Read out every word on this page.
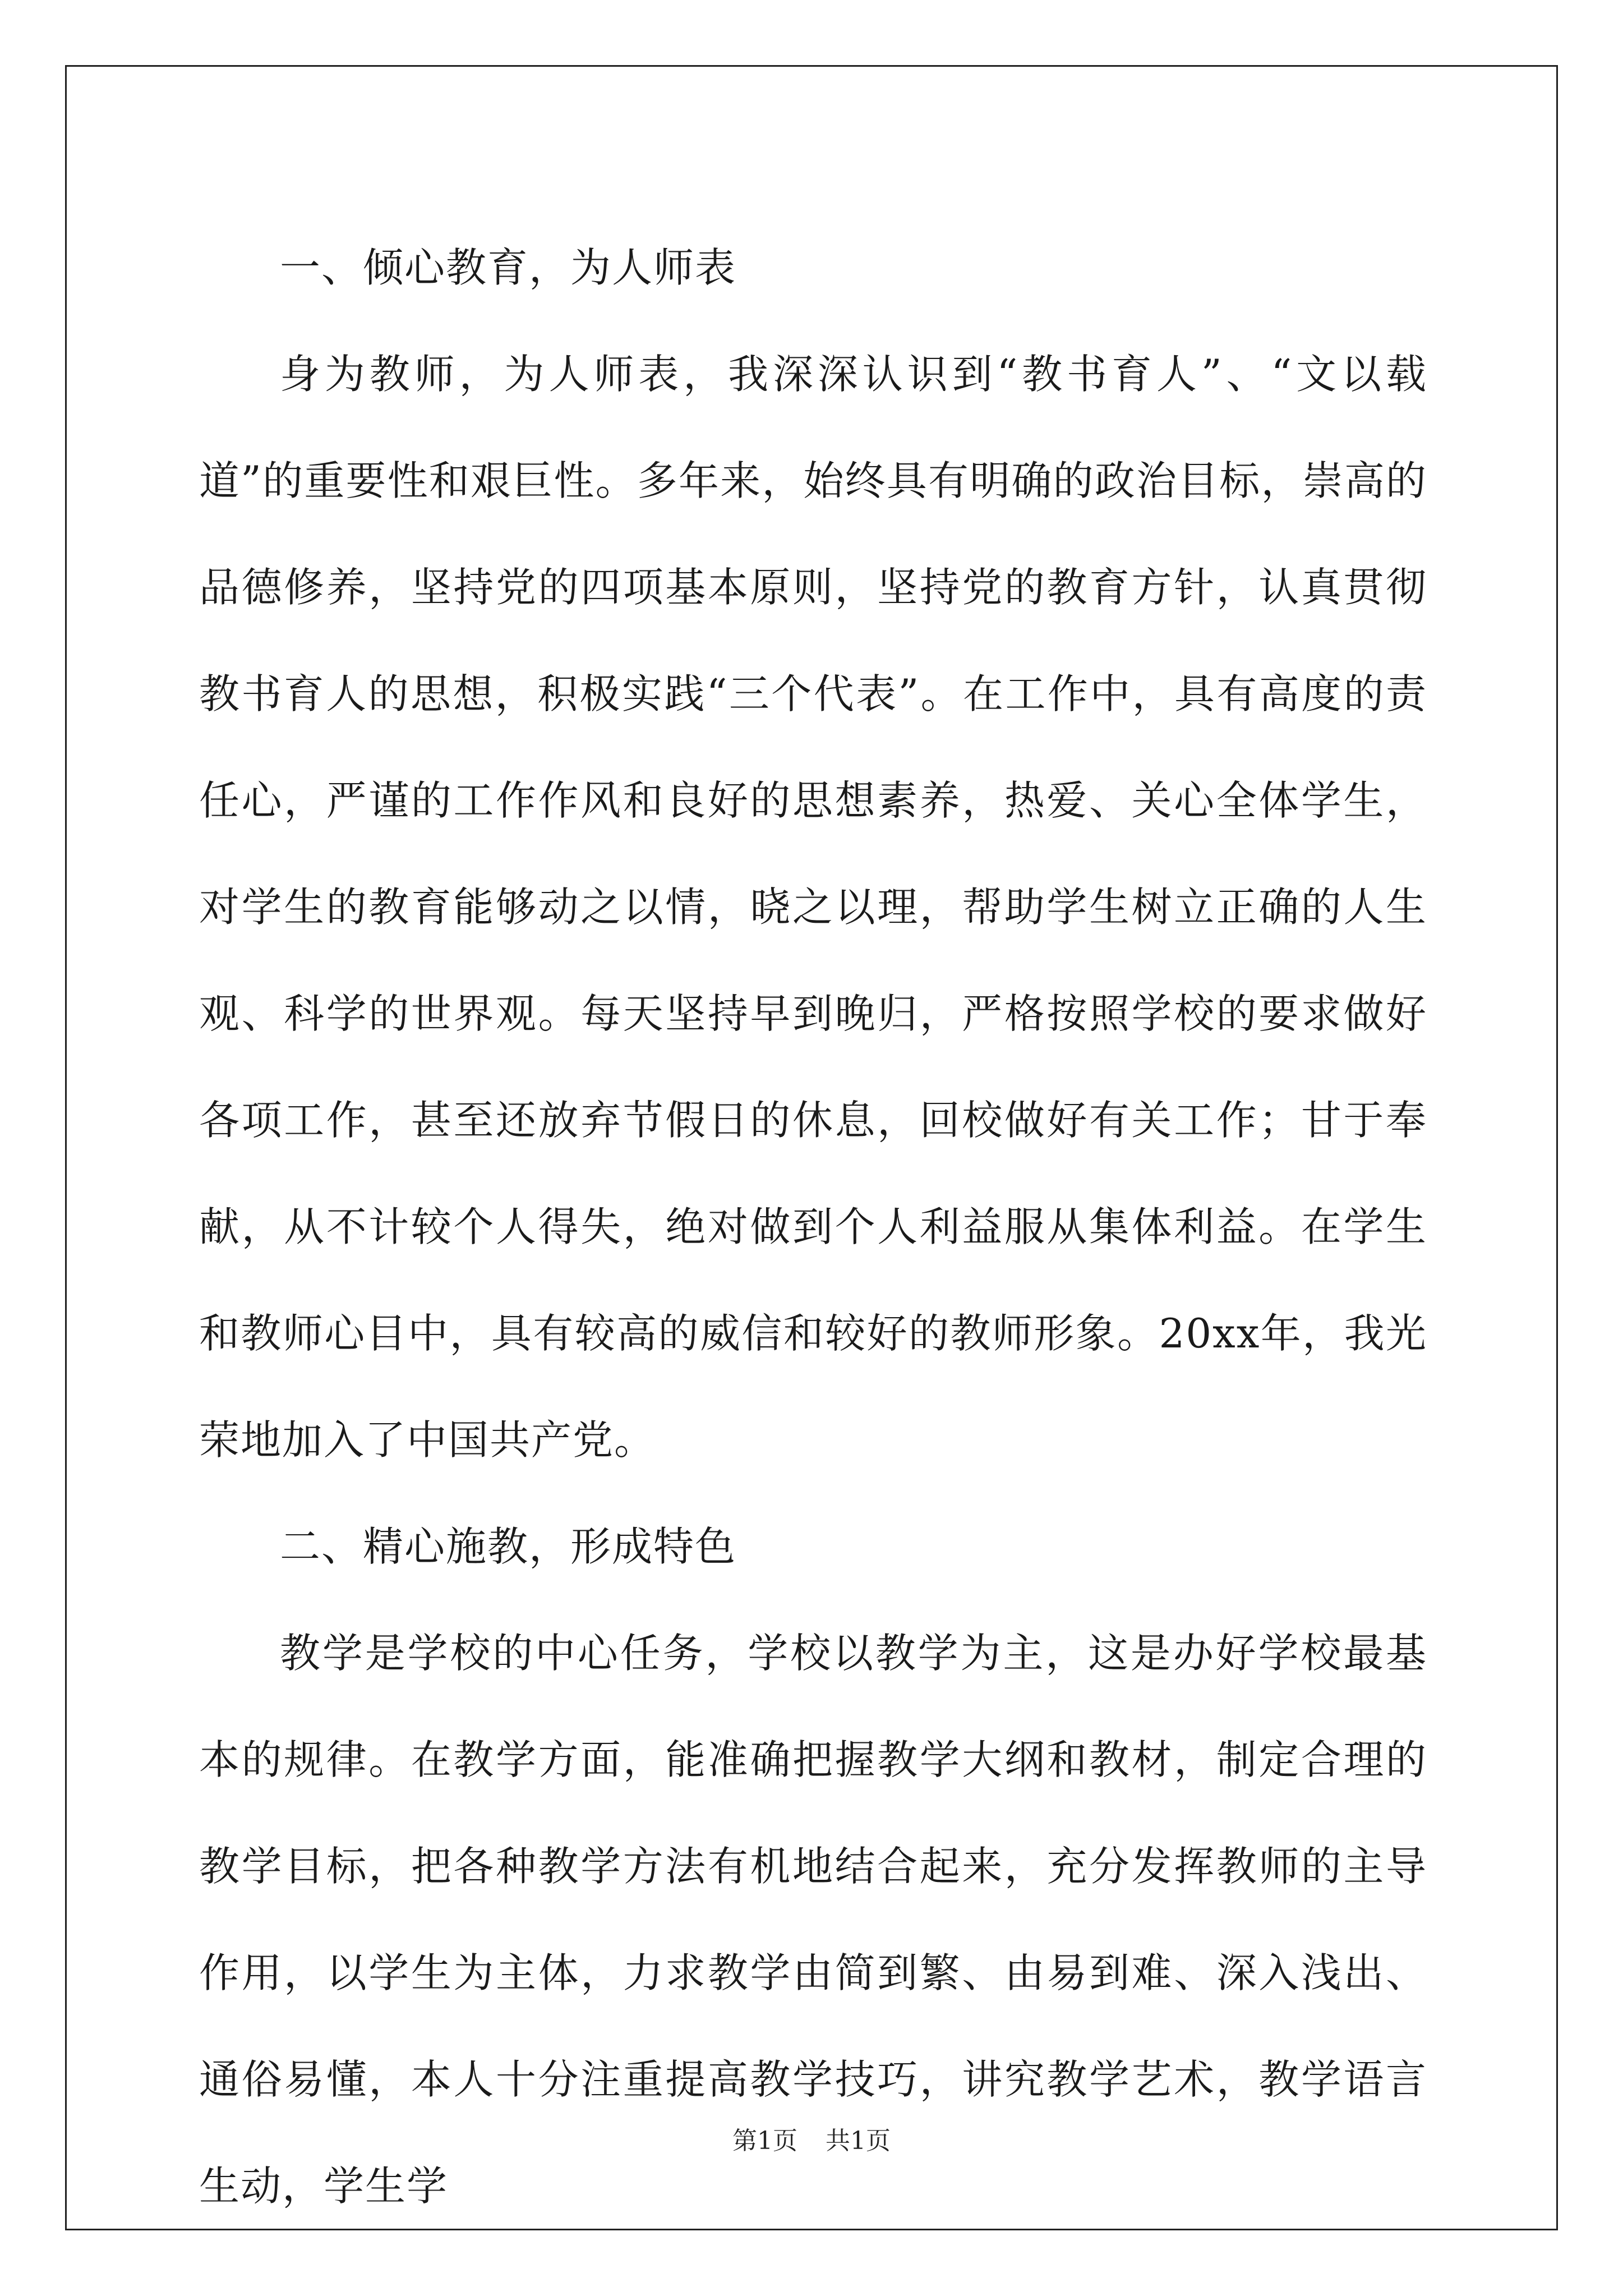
一、倾心教育，为人师表

身为教师，为人师表，我深深认识到“教书育人”、“文以载道”的重要性和艰巨性。多年来，始终具有明确的政治目标，崇高的品德修养，坚持党的四项基本原则，坚持党的教育方针，认真贯彻教书育人的思想，积极实践“三个代表”。在工作中，具有高度的责任心，严谨的工作作风和良好的思想素养，热爱、关心全体学生，对学生的教育能够动之以情，晓之以理，帮助学生树立正确的人生观、科学的世界观。每天坚持早到晚归，严格按照学校的要求做好各项工作，甚至还放弃节假日的休息，回校做好有关工作；甘于奉献，从不计较个人得失，绝对做到个人利益服从集体利益。在学生和教师心目中，具有较高的威信和较好的教师形象。20xx年，我光荣地加入了中国共产党。

二、精心施教，形成特色

教学是学校的中心任务，学校以教学为主，这是办好学校最基本的规律。在教学方面，能准确把握教学大纲和教材，制定合理的教学目标，把各种教学方法有机地结合起来，充分发挥教师的主导作用，以学生为主体，力求教学由简到繁、由易到难、深入浅出、通俗易懂，本人十分注重提高教学技巧，讲究教学艺术，教学语言生动，学生学

第1页 共1页
